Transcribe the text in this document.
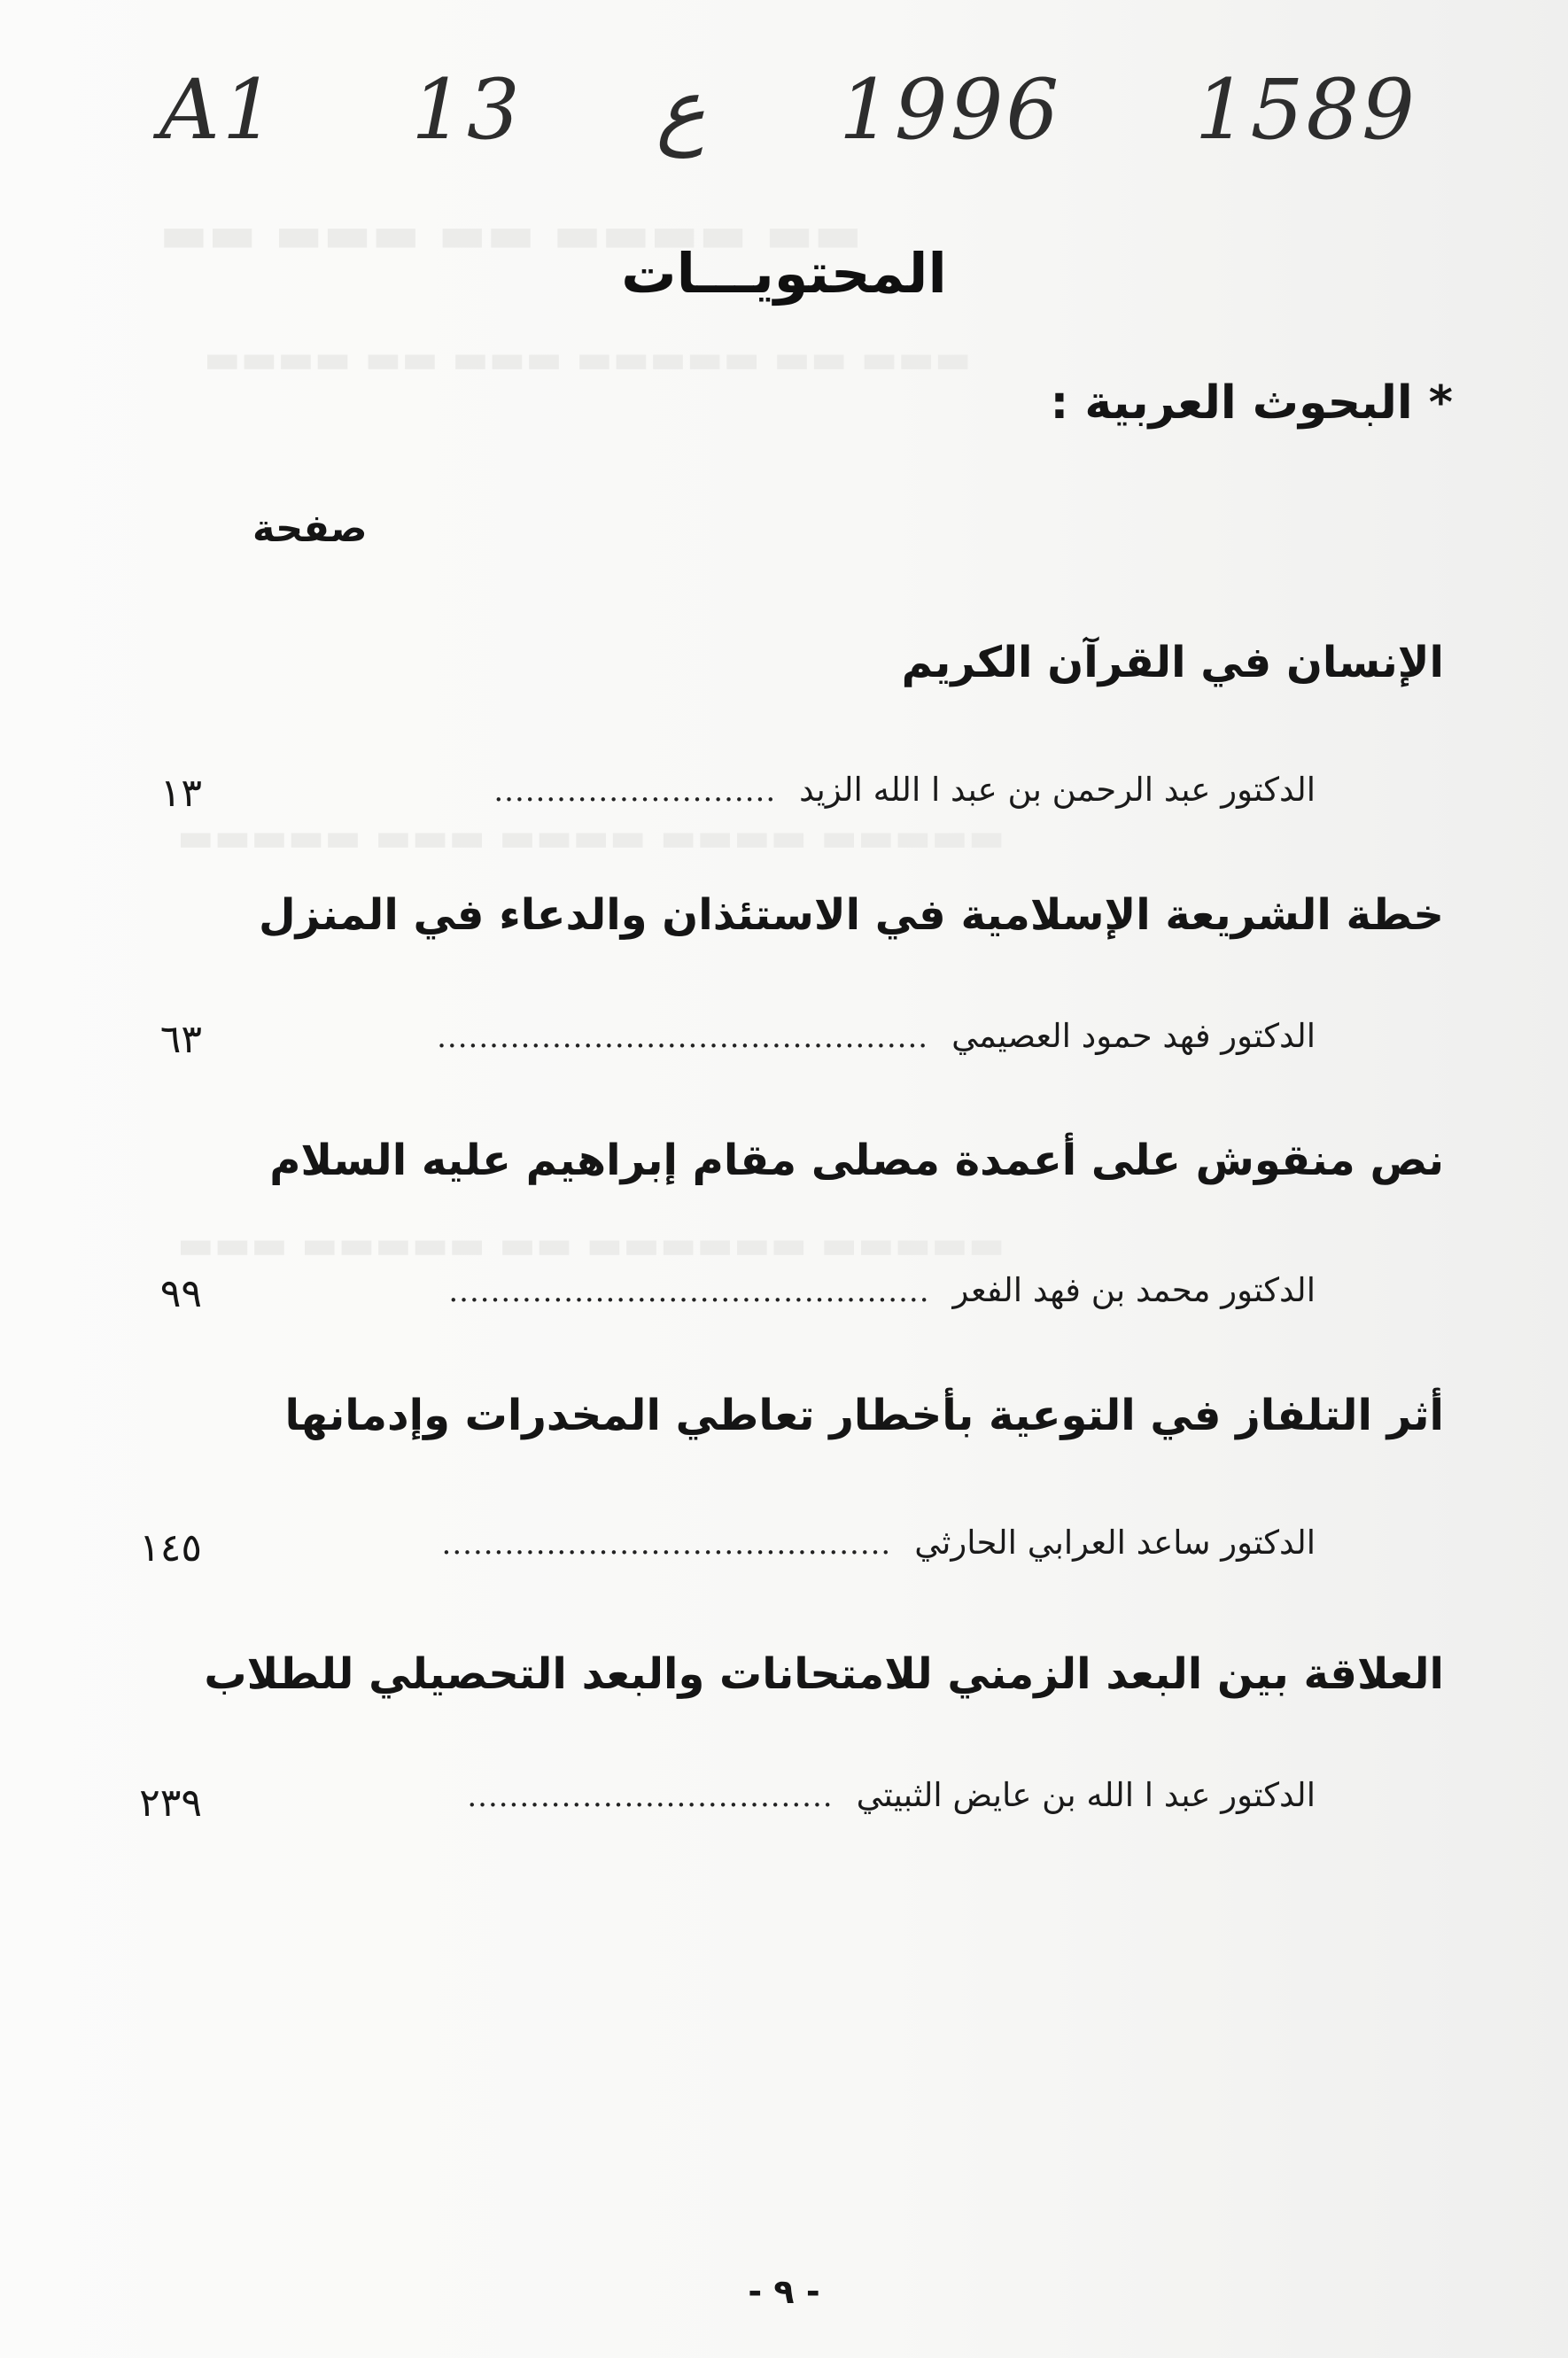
▬▬ ▬▬▬ ▬▬ ▬▬▬▬ ▬▬
▬▬▬▬ ▬▬ ▬▬▬ ▬▬▬▬▬ ▬▬ ▬▬▬
▬▬▬▬▬ ▬▬▬ ▬▬▬▬ ▬▬▬▬ ▬▬▬▬▬
▬▬▬ ▬▬▬▬▬ ▬▬ ▬▬▬▬▬▬ ▬▬▬▬▬
A1 13 ع 1996 1589
المحتويـــات
* البحوث العربية :
صفحة
الإنسان في القرآن الكريم
الدكتور عبد الرحمن بن عبد ا الله الزيد
...........................
١٣
خطة الشريعة الإسلامية في الاستئذان والدعاء في المنزل
الدكتور فهد حمود العصيمي
...............................................
٦٣
نص منقوش على أعمدة مصلى مقام إبراهيم عليه السلام
الدكتور محمد بن فهد الفعر
..............................................
٩٩
أثر التلفاز في التوعية بأخطار تعاطي المخدرات وإدمانها
الدكتور ساعد العرابي الحارثي
...........................................
١٤٥
العلاقة بين البعد الزمني للامتحانات والبعد التحصيلي للطلاب
الدكتور عبد ا الله بن عايض الثبيتي
...................................
٢٣٩
- ٩ -
